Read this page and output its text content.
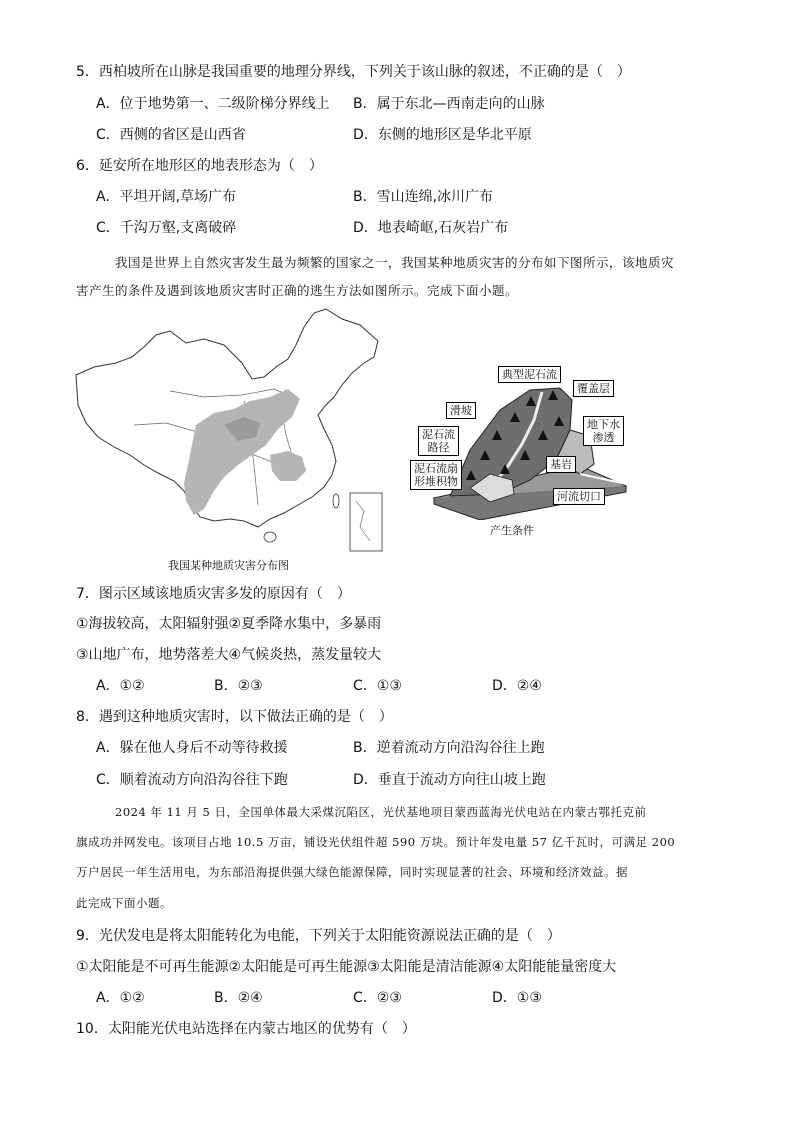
5．西柏坡所在山脉是我国重要的地理分界线，下列关于该山脉的叙述，不正确的是（　）
A．位于地势第一、二级阶梯分界线上 B．属于东北—西南走向的山脉
C．西侧的省区是山西省	D．东侧的地形区是华北平原
6．延安所在地形区的地表形态为（　）
A．平坦开阔,草场广布	B．雪山连绵,冰川广布
C．千沟万壑,支离破碎	D．地表崎岖,石灰岩广布
我国是世界上自然灾害发生最为频繁的国家之一，我国某种地质灾害的分布如下图所示，该地质灾
害产生的条件及遇到该地质灾害时正确的逃生方法如图所示。完成下面小题。
我国某种地质灾害分布图
典型泥石流
覆盖层
滑坡
地下水
渗透
泥石流
路径
泥石流扇
形堆积物
基岩
河流切口
产生条件
7．图示区域该地质灾害多发的原因有（　）
①海拔较高，太阳辐射强②夏季降水集中，多暴雨
③山地广布，地势落差大④气候炎热，蒸发量较大
A．①②	B．②③	C．①③	D．②④
8．遇到这种地质灾害时，以下做法正确的是（　）
A．躲在他人身后不动等待救援	B．逆着流动方向沿沟谷往上跑
C．顺着流动方向沿沟谷往下跑	D．垂直于流动方向往山坡上跑
2024 年 11 月 5 日，全国单体最大采煤沉陷区，光伏基地项目蒙西蓝海光伏电站在内蒙古鄂托克前
旗成功并网发电。该项目占地 10.5 万亩，铺设光伏组件超 590 万块。预计年发电量 57 亿千瓦时，可满足 200
万户居民一年生活用电，为东部沿海提供强大绿色能源保障，同时实现显著的社会、环境和经济效益。据
此完成下面小题。
9．光伏发电是将太阳能转化为电能，下列关于太阳能资源说法正确的是（　）
①太阳能是不可再生能源②太阳能是可再生能源③太阳能是清洁能源④太阳能能量密度大
A．①②	B．②④	C．②③	D．①③
10．太阳能光伏电站选择在内蒙古地区的优势有（　）
